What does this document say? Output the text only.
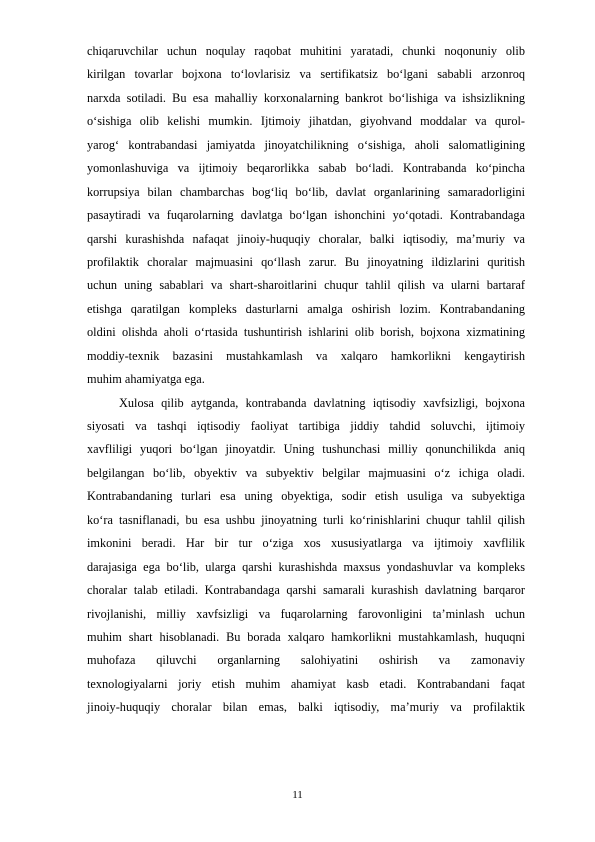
chiqaruvchilar uchun noqulay raqobat muhitini yaratadi, chunki noqonuniy olib
kirilgan tovarlar bojxona to‘lovlarisiz va sertifikatsiz bo‘lgani sababli arzonroq
narxda sotiladi. Bu esa mahalliy korxonalarning bankrot bo‘lishiga va ishsizlikning
o‘sishiga olib kelishi mumkin. Ijtimoiy jihatdan, giyohvand moddalar va qurol-
yarog‘ kontrabandasi jamiyatda jinoyatchilikning o‘sishiga, aholi salomatligining
yomonlashuviga va ijtimoiy beqarorlikka sabab bo‘ladi. Kontrabanda ko‘pincha
korrupsiya bilan chambarchas bog‘liq bo‘lib, davlat organlarining samaradorligini
pasaytiradi va fuqarolarning davlatga bo‘lgan ishonchini yo‘qotadi. Kontrabandaga
qarshi kurashishda nafaqat jinoiy-huquqiy choralar, balki iqtisodiy, ma’muriy va
profilaktik choralar majmuasini qo‘llash zarur. Bu jinoyatning ildizlarini quritish
uchun uning sabablari va shart-sharoitlarini chuqur tahlil qilish va ularni bartaraf
etishga qaratilgan kompleks dasturlarni amalga oshirish lozim. Kontrabandaning
oldini olishda aholi o‘rtasida tushuntirish ishlarini olib borish, bojxona xizmatining
moddiy-texnik bazasini mustahkamlash va xalqaro hamkorlikni kengaytirish
muhim ahamiyatga ega.
Xulosa qilib aytganda, kontrabanda davlatning iqtisodiy xavfsizligi, bojxona
siyosati va tashqi iqtisodiy faoliyat tartibiga jiddiy tahdid soluvchi, ijtimoiy
xavfliligi yuqori bo‘lgan jinoyatdir. Uning tushunchasi milliy qonunchilikda aniq
belgilangan bo‘lib, obyektiv va subyektiv belgilar majmuasini o‘z ichiga oladi.
Kontrabandaning turlari esa uning obyektiga, sodir etish usuliga va subyektiga
ko‘ra tasniflanadi, bu esa ushbu jinoyatning turli ko‘rinishlarini chuqur tahlil qilish
imkonini beradi. Har bir tur o‘ziga xos xususiyatlarga va ijtimoiy xavflilik
darajasiga ega bo‘lib, ularga qarshi kurashishda maxsus yondashuvlar va kompleks
choralar talab etiladi. Kontrabandaga qarshi samarali kurashish davlatning barqaror
rivojlanishi, milliy xavfsizligi va fuqarolarning farovonligini ta’minlash uchun
muhim shart hisoblanadi. Bu borada xalqaro hamkorlikni mustahkamlash, huquqni
muhofaza qiluvchi organlarning salohiyatini oshirish va zamonaviy
texnologiyalarni joriy etish muhim ahamiyat kasb etadi. Kontrabandani faqat
jinoiy-huquqiy choralar bilan emas, balki iqtisodiy, ma’muriy va profilaktik
11
